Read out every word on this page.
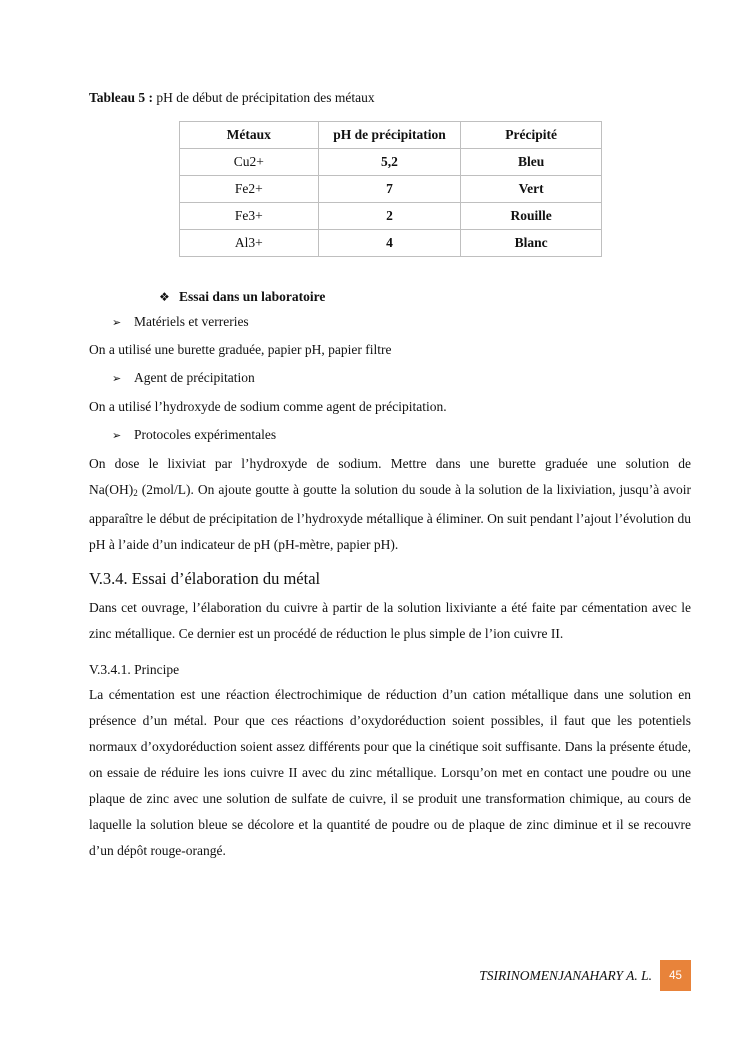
Tableau 5 : pH de début de précipitation des métaux
Métaux	pH de précipitation	Précipité
Cu2+	5,2	Bleu
Fe2+	7	Vert
Fe3+	2	Rouille
Al3+	4	Blanc
❖ Essai dans un laboratoire
➢ Matériels et verreries
On a utilisé une burette graduée, papier pH, papier filtre
➢ Agent de précipitation
On a utilisé l’hydroxyde de sodium comme agent de précipitation.
➢ Protocoles expérimentales
On dose le lixiviat par l’hydroxyde de sodium. Mettre dans une burette graduée une solution de
$Na(OH)_2$ (2mol/L). On ajoute goutte à goutte la solution du soude à la solution de la lixiviation, jusqu’à avoir apparaître le début de précipitation de l’hydroxyde métallique à éliminer. On suit pendant l’ajout l’évolution du pH à l’aide d’un indicateur de pH (pH-mètre, papier pH).
V.3.4. Essai d’élaboration du métal
Dans cet ouvrage, l’élaboration du cuivre à partir de la solution lixiviante a été faite par cémentation avec le zinc métallique. Ce dernier est un procédé de réduction le plus simple de l’ion cuivre II.
V.3.4.1. Principe
La cémentation est une réaction électrochimique de réduction d’un cation métallique dans une solution en présence d’un métal. Pour que ces réactions d’oxydoréduction soient possibles, il faut que les potentiels normaux d’oxydoréduction soient assez différents pour que la cinétique soit suffisante. Dans la présente étude, on essaie de réduire les ions cuivre II avec du zinc métallique. Lorsqu’on met en contact une poudre ou une plaque de zinc avec une solution de sulfate de cuivre, il se produit une transformation chimique, au cours de laquelle la solution bleue se décolore et la quantité de poudre ou de plaque de zinc diminue et il se recouvre d’un dépôt rouge-orangé.
TSIRINOMENJANAHARY A. L.	45
